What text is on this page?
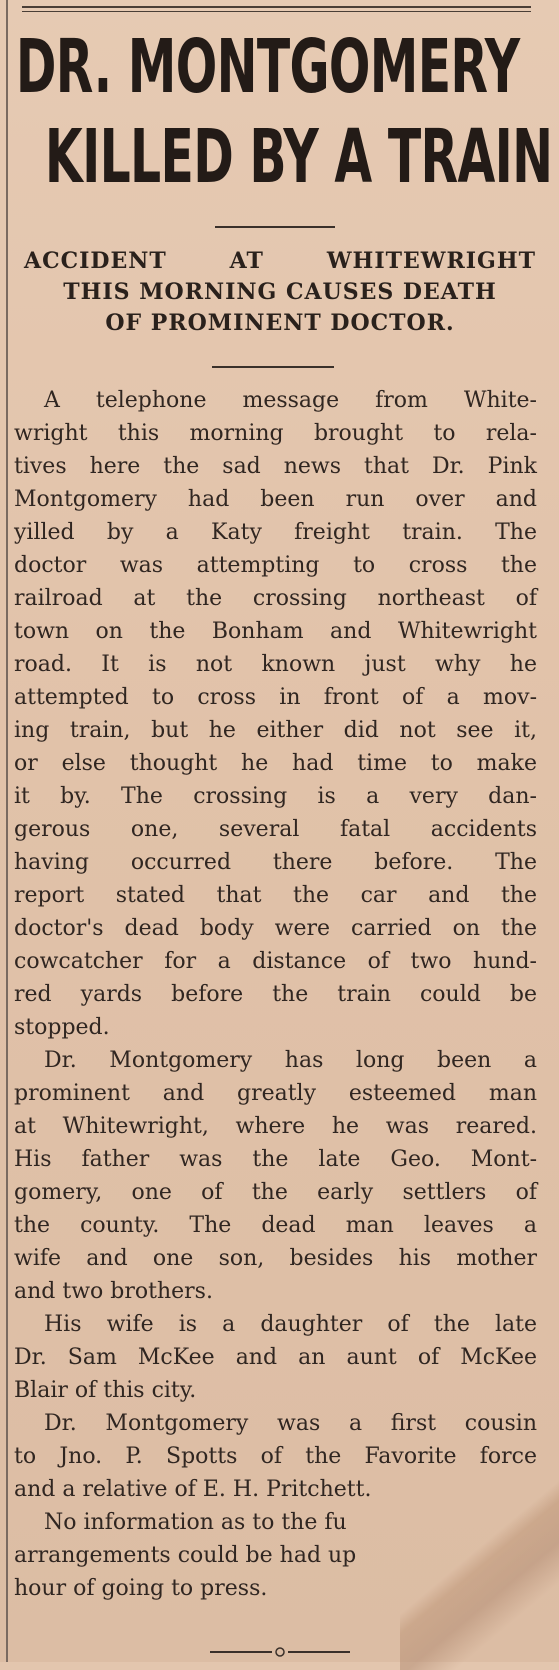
DR. MONTGOMERY
KILLED BY A TRAIN
ACCIDENT AT WHITEWRIGHT
THIS MORNING CAUSES DEATH
OF PROMINENT DOCTOR.
A telephone message from White-
wright this morning brought to rela-
tives here the sad news that Dr. Pink
Montgomery had been run over and
yilled by a Katy freight train. The
doctor was attempting to cross the
railroad at the crossing northeast of
town on the Bonham and Whitewright
road. It is not known just why he
attempted to cross in front of a mov-
ing train, but he either did not see it,
or else thought he had time to make
it by. The crossing is a very dan-
gerous one, several fatal accidents
having occurred there before. The
report stated that the car and the
doctor's dead body were carried on the
cowcatcher for a distance of two hund-
red yards before the train could be
stopped.
Dr. Montgomery has long been a
prominent and greatly esteemed man
at Whitewright, where he was reared.
His father was the late Geo. Mont-
gomery, one of the early settlers of
the county. The dead man leaves a
wife and one son, besides his mother
and two brothers.
His wife is a daughter of the late
Dr. Sam McKee and an aunt of McKee
Blair of this city.
Dr. Montgomery was a first cousin
to Jno. P. Spotts of the Favorite force
and a relative of E. H. Pritchett.
No information as to the fu
arrangements could be had up
hour of going to press.
